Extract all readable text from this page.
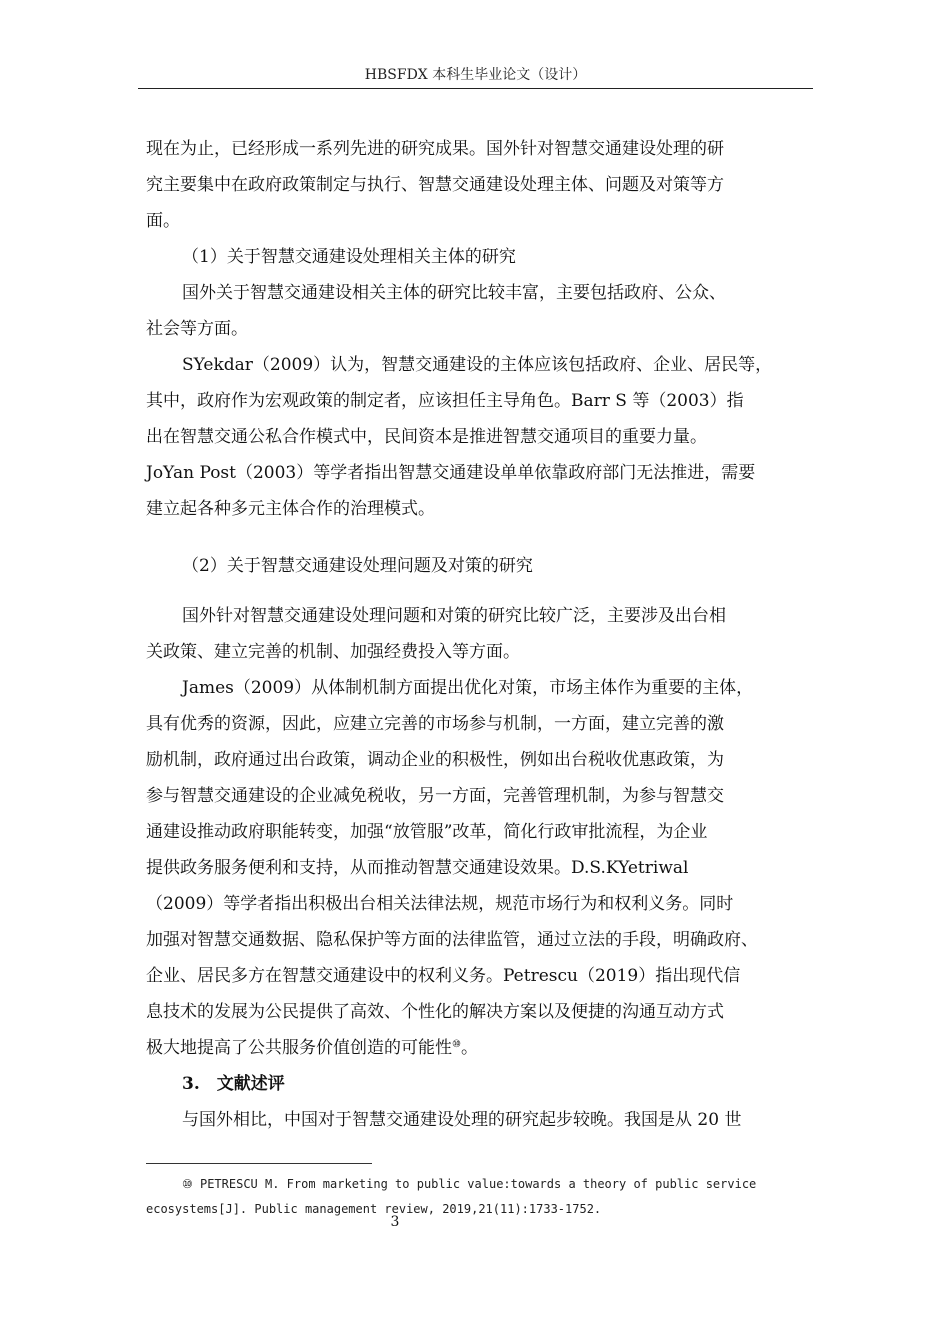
HBSFDX 本科生毕业论文（设计）
现在为止，已经形成一系列先进的研究成果。国外针对智慧交通建设处理的研
究主要集中在政府政策制定与执行、智慧交通建设处理主体、问题及对策等方
面。
（1）关于智慧交通建设处理相关主体的研究
国外关于智慧交通建设相关主体的研究比较丰富，主要包括政府、公众、
社会等方面。
SYekdar（2009）认为，智慧交通建设的主体应该包括政府、企业、居民等，
其中，政府作为宏观政策的制定者，应该担任主导角色。Barr S 等（2003）指
出在智慧交通公私合作模式中，民间资本是推进智慧交通项目的重要力量。
JoYan Post（2003）等学者指出智慧交通建设单单依靠政府部门无法推进，需要
建立起各种多元主体合作的治理模式。
（2）关于智慧交通建设处理问题及对策的研究
国外针对智慧交通建设处理问题和对策的研究比较广泛，主要涉及出台相
关政策、建立完善的机制、加强经费投入等方面。
James（2009）从体制机制方面提出优化对策，市场主体作为重要的主体，
具有优秀的资源，因此，应建立完善的市场参与机制，一方面，建立完善的激
励机制，政府通过出台政策，调动企业的积极性，例如出台税收优惠政策，为
参与智慧交通建设的企业减免税收，另一方面，完善管理机制，为参与智慧交
通建设推动政府职能转变，加强“放管服”改革，简化行政审批流程，为企业
提供政务服务便利和支持，从而推动智慧交通建设效果。D.S.KYetriwal
（2009）等学者指出积极出台相关法律法规，规范市场行为和权利义务。同时
加强对智慧交通数据、隐私保护等方面的法律监管，通过立法的手段，明确政府、
企业、居民多方在智慧交通建设中的权利义务。Petrescu（2019）指出现代信
息技术的发展为公民提供了高效、个性化的解决方案以及便捷的沟通互动方式
极大地提高了公共服务价值创造的可能性⑩。
3.　文献述评
与国外相比，中国对于智慧交通建设处理的研究起步较晚。我国是从 20 世
⑩ PETRESCU M. From marketing to public value:towards a theory of public service
ecosystems[J]. Public management review, 2019,21(11):1733-1752.
3
